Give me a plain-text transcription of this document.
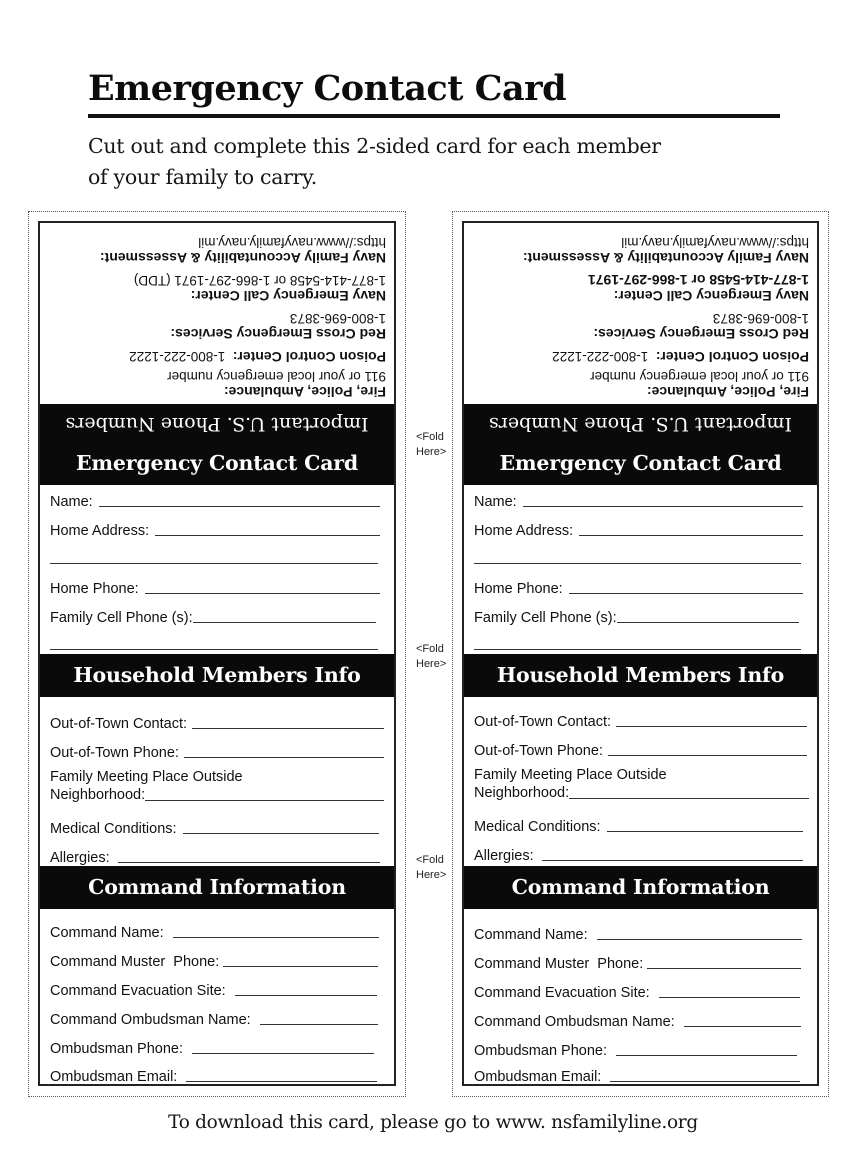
Emergency Contact Card
Cut out and complete this 2-sided card for each member
of your family to carry.
Fire, Police, Ambulance:
911 or your local emergency number
Poison Control Center:  1-800-222-1222
Red Cross Emergency Services:
1-800-696-3873
Navy Emergency Call Center:
1-877-414-5458 or 1-866-297-1971 (TDD)
Navy Family Accountability & Assessment:
https://www.navyfamily.navy.mil
Important U.S. Phone Numbers
Emergency Contact Card
Name:
Home Address:
Home Phone:
Family Cell Phone (s):
Household Members Info
Out-of-Town Contact:
Out-of-Town Phone:
Family Meeting Place Outside
Neighborhood:
Medical Conditions:
Allergies:
Command Information
Command Name:
Command Muster  Phone:
Command Evacuation Site:
Command Ombudsman Name:
Ombudsman Phone:
Ombudsman Email:
<Fold
Here>
<Fold
Here>
<Fold
Here>
Fire, Police, Ambulance:
911 or your local emergency number
Poison Control Center:  1-800-222-1222
Red Cross Emergency Services:
1-800-696-3873
Navy Emergency Call Center:
1-877-414-5458 or 1-866-297-1971
Navy Family Accountability & Assessment:
https://www.navyfamily.navy.mil
Important U.S. Phone Numbers
Emergency Contact Card
Name:
Home Address:
Home Phone:
Family Cell Phone (s):
Household Members Info
Out-of-Town Contact:
Out-of-Town Phone:
Family Meeting Place Outside
Neighborhood:
Medical Conditions:
Allergies:
Command Information
Command Name:
Command Muster  Phone:
Command Evacuation Site:
Command Ombudsman Name:
Ombudsman Phone:
Ombudsman Email:
To download this card, please go to www. nsfamilyline.org
